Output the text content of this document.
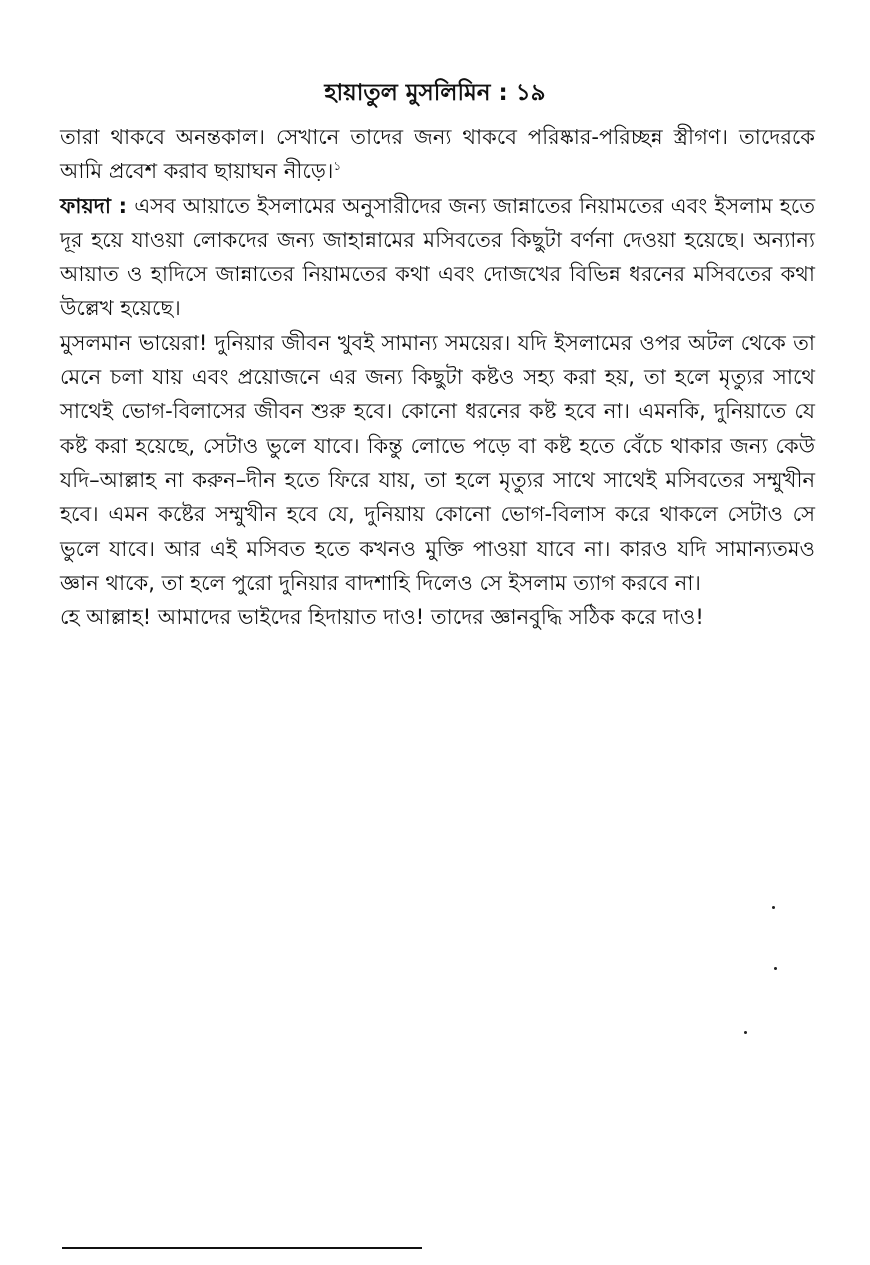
হায়াতুল মুসলিমিন : ১৯

তারা থাকবে অনন্তকাল। সেখানে তাদের জন্য থাকবে পরিষ্কার-পরিচ্ছন্ন স্ত্রীগণ। তাদেরকে আমি প্রবেশ করাব ছায়াঘন নীড়ে।$^১$

ফায়দা : এসব আয়াতে ইসলামের অনুসারীদের জন্য জান্নাতের নিয়ামতের এবং ইসলাম হতে দূর হয়ে যাওয়া লোকদের জন্য জাহান্নামের মসিবতের কিছুটা বর্ণনা দেওয়া হয়েছে। অন্যান্য আয়াত ও হাদিসে জান্নাতের নিয়ামতের কথা এবং দোজখের বিভিন্ন ধরনের মসিবতের কথা উল্লেখ হয়েছে।

মুসলমান ভায়েরা! দুনিয়ার জীবন খুবই সামান্য সময়ের। যদি ইসলামের ওপর অটল থেকে তা মেনে চলা যায় এবং প্রয়োজনে এর জন্য কিছুটা কষ্টও সহ্য করা হয়, তা হলে মৃত্যুর সাথে সাথেই ভোগ-বিলাসের জীবন শুরু হবে। কোনো ধরনের কষ্ট হবে না। এমনকি, দুনিয়াতে যে কষ্ট করা হয়েছে, সেটাও ভুলে যাবে। কিন্তু লোভে পড়ে বা কষ্ট হতে বেঁচে থাকার জন্য কেউ যদি–আল্লাহ না করুন–দীন হতে ফিরে যায়, তা হলে মৃত্যুর সাথে সাথেই মসিবতের সম্মুখীন হবে। এমন কষ্টের সম্মুখীন হবে যে, দুনিয়ায় কোনো ভোগ-বিলাস করে থাকলে সেটাও সে ভুলে যাবে। আর এই মসিবত হতে কখনও মুক্তি পাওয়া যাবে না। কারও যদি সামান্যতমও জ্ঞান থাকে, তা হলে পুরো দুনিয়ার বাদশাহি দিলেও সে ইসলাম ত্যাগ করবে না।

হে আল্লাহ! আমাদের ভাইদের হিদায়াত দাও! তাদের জ্ঞানবুদ্ধি সঠিক করে দাও!
